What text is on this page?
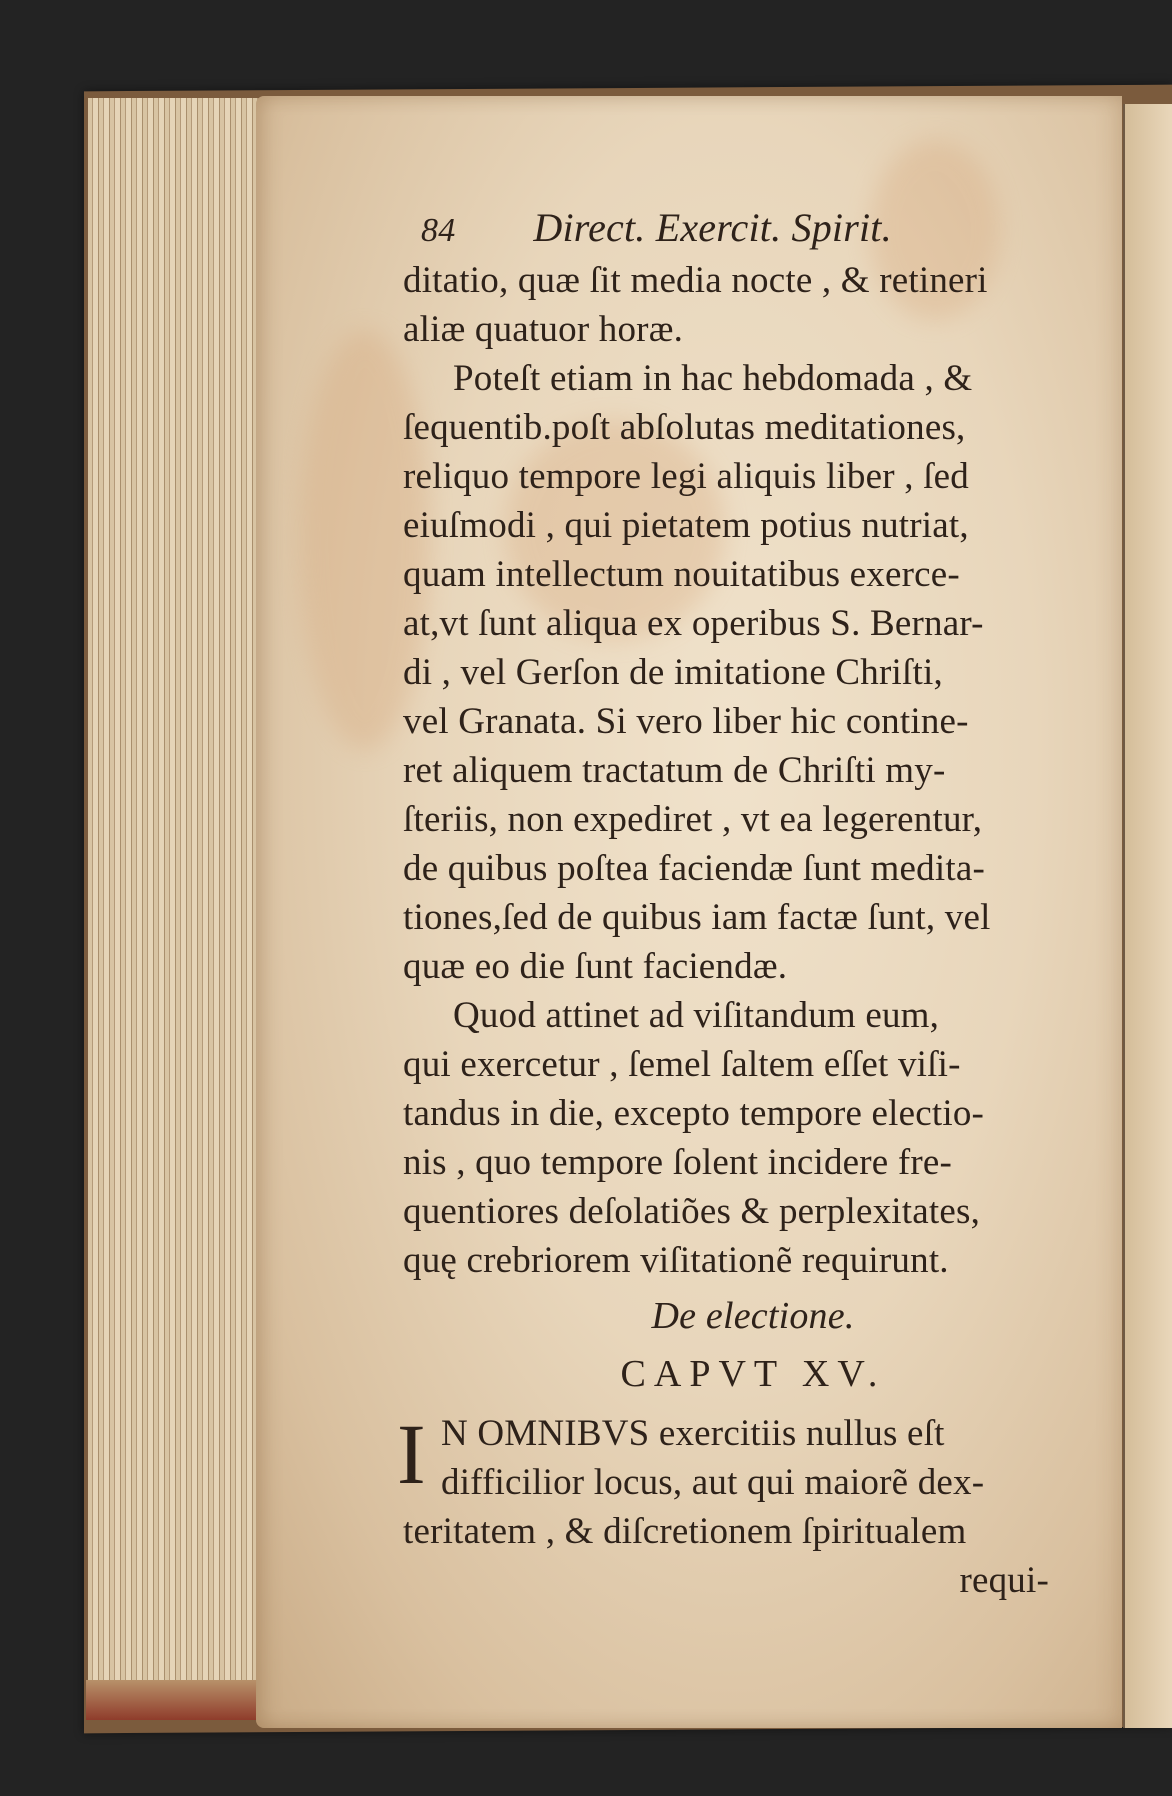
84 Direct. Exercit. Spirit.
ditatio, quæ ſit media nocte , & retineri
aliæ quatuor horæ.
Poteſt etiam in hac hebdomada , &
ſequentib.poſt abſolutas meditationes,
reliquo tempore legi aliquis liber , ſed
eiuſmodi , qui pietatem potius nutriat,
quam intellectum nouitatibus exerce-
at,vt ſunt aliqua ex operibus S. Bernar-
di , vel Gerſon de imitatione Chriſti,
vel Granata. Si vero liber hic contine-
ret aliquem tractatum de Chriſti my-
ſteriis, non expediret , vt ea legerentur,
de quibus poſtea faciendæ ſunt medita-
tiones,ſed de quibus iam factæ ſunt, vel
quæ eo die ſunt faciendæ.
Quod attinet ad viſitandum eum,
qui exercetur , ſemel ſaltem eſſet viſi-
tandus in die, excepto tempore electio-
nis , quo tempore ſolent incidere fre-
quentiores deſolatiões & perplexitates,
quę crebriorem viſitationẽ requirunt.
De electione.
CAPVT XV.
I N OMNIBVS exercitiis nullus eſt
difficilior locus, aut qui maiorẽ dex-
teritatem , & diſcretionem ſpiritualem
requi-
